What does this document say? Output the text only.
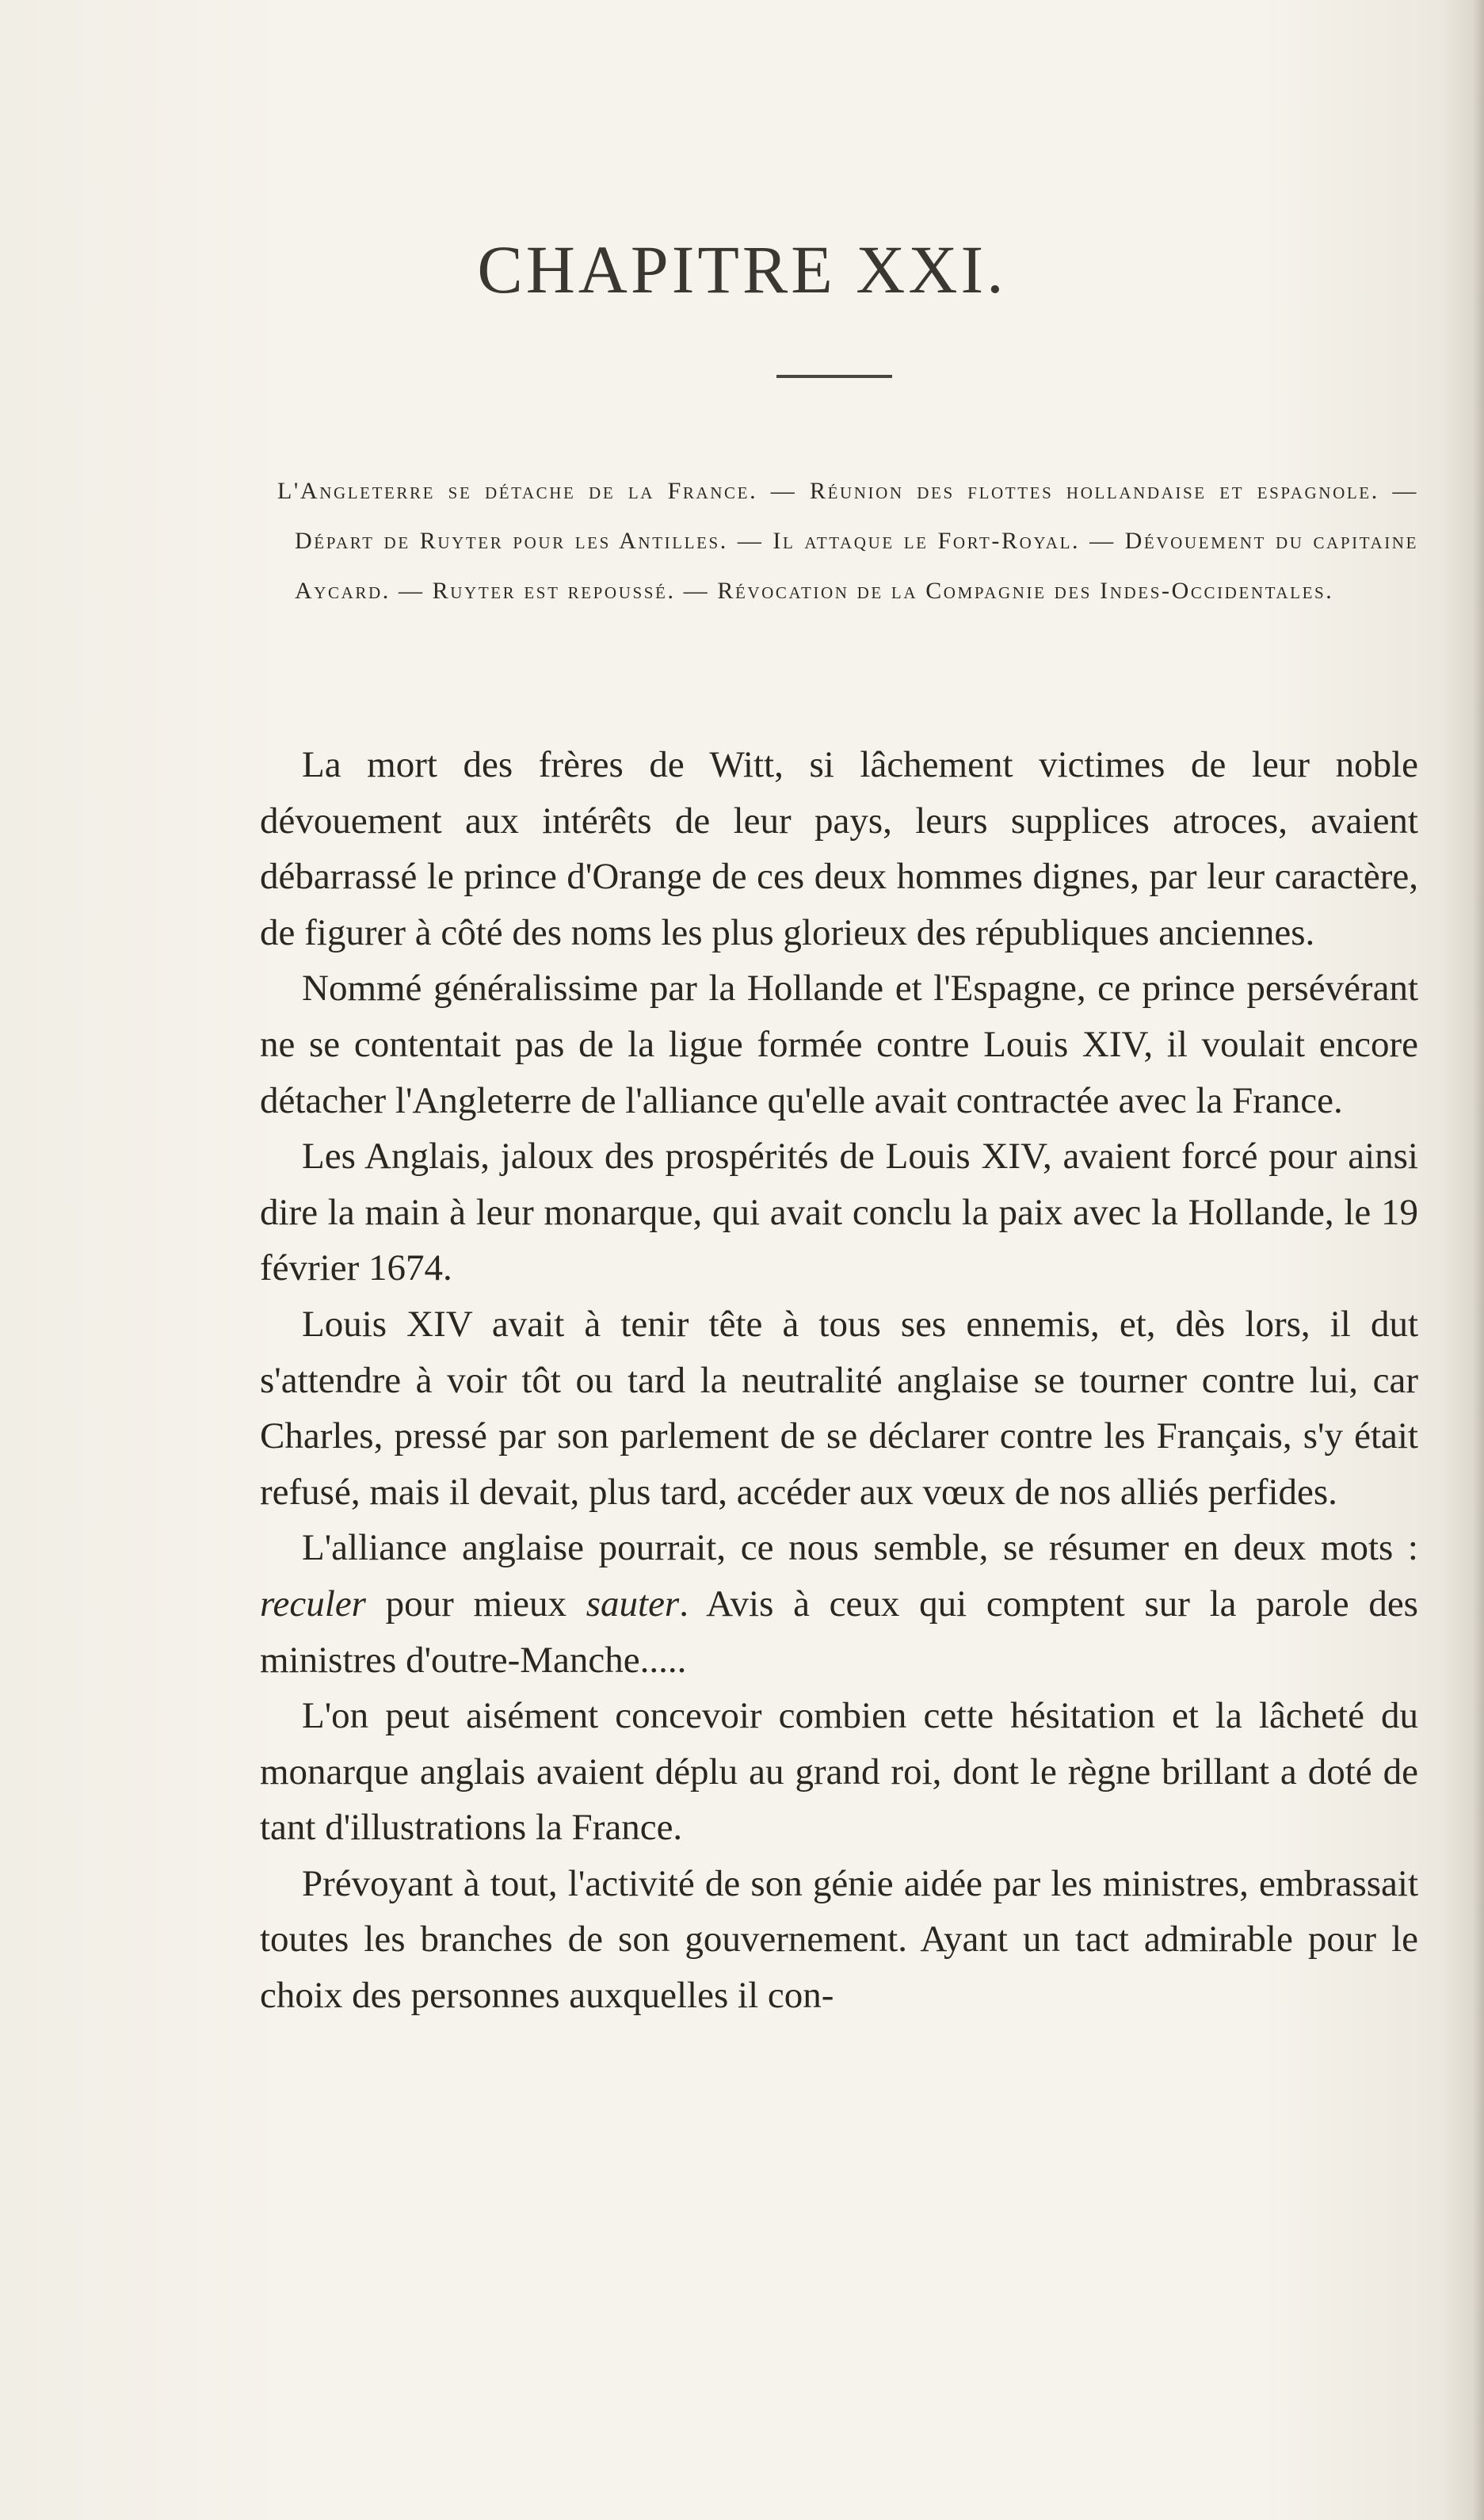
CHAPITRE XXI.
L'Angleterre se détache de la France. — Réunion des flottes hollandaise et espagnole. — Départ de Ruyter pour les Antilles. — Il attaque le Fort-Royal. — Dévouement du capitaine Aycard. — Ruyter est repoussé. — Révocation de la Compagnie des Indes-Occidentales.

La mort des frères de Witt, si lâchement victimes de leur noble dévouement aux intérêts de leur pays, leurs supplices atroces, avaient débarrassé le prince d'Orange de ces deux hommes dignes, par leur caractère, de figurer à côté des noms les plus glorieux des républiques anciennes.

Nommé généralissime par la Hollande et l'Espagne, ce prince persévérant ne se contentait pas de la ligue formée contre Louis XIV, il voulait encore détacher l'Angleterre de l'alliance qu'elle avait contractée avec la France.

Les Anglais, jaloux des prospérités de Louis XIV, avaient forcé pour ainsi dire la main à leur monarque, qui avait conclu la paix avec la Hollande, le 19 février 1674.

Louis XIV avait à tenir tête à tous ses ennemis, et, dès lors, il dut s'attendre à voir tôt ou tard la neutralité anglaise se tourner contre lui, car Charles, pressé par son parlement de se déclarer contre les Français, s'y était refusé, mais il devait, plus tard, accéder aux vœux de nos alliés perfides.

L'alliance anglaise pourrait, ce nous semble, se résumer en deux mots : reculer pour mieux sauter. Avis à ceux qui comptent sur la parole des ministres d'outre-Manche.....

L'on peut aisément concevoir combien cette hésitation et la lâcheté du monarque anglais avaient déplu au grand roi, dont le règne brillant a doté de tant d'illustrations la France.

Prévoyant à tout, l'activité de son génie aidée par les ministres, embrassait toutes les branches de son gouvernement. Ayant un tact admirable pour le choix des personnes auxquelles il con-
